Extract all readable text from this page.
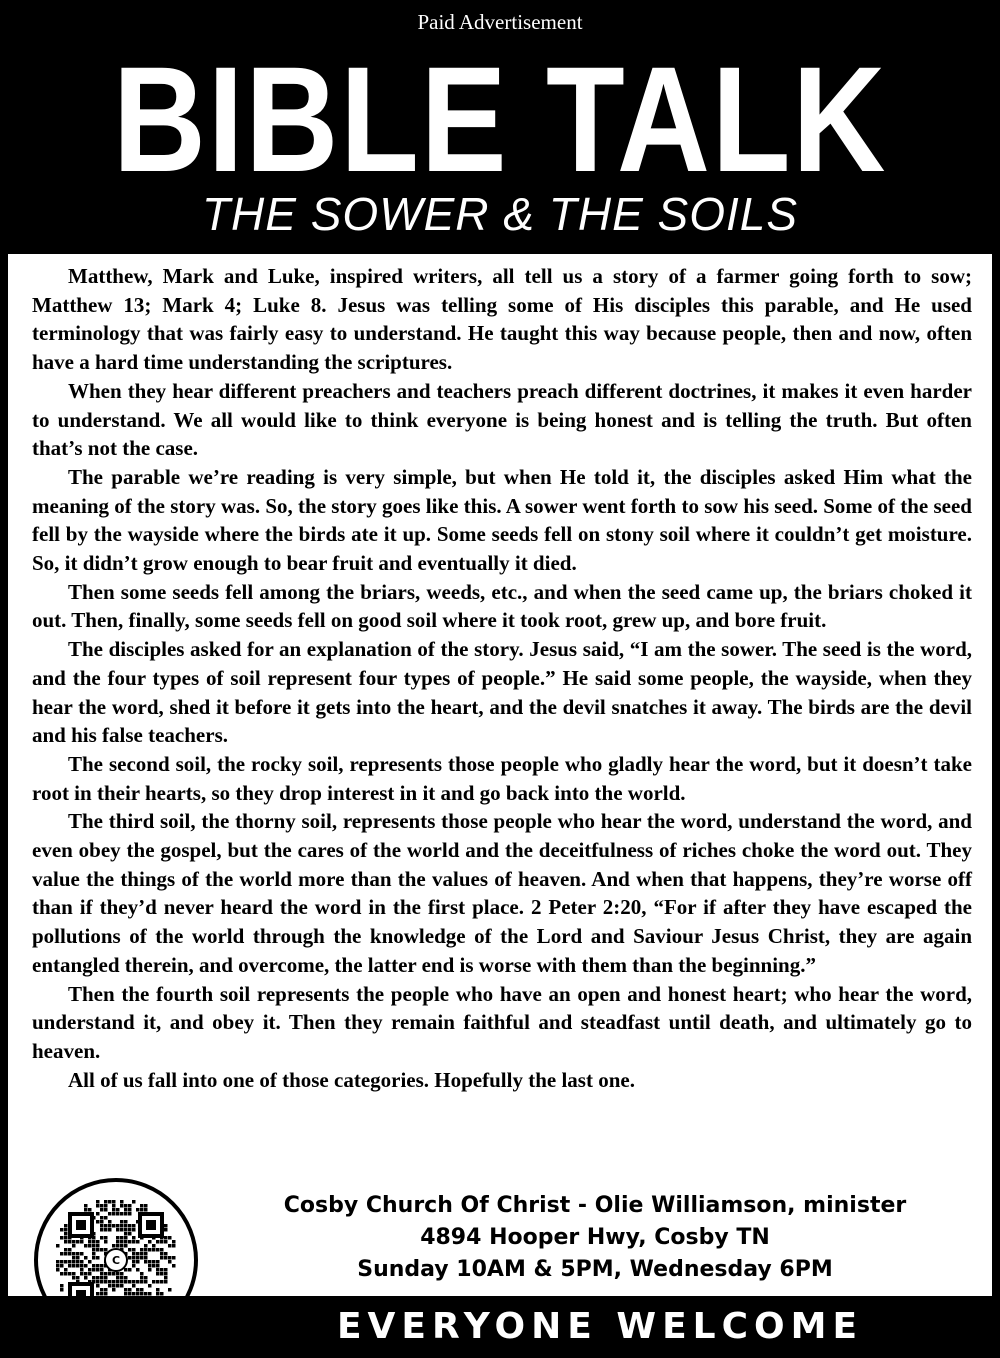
Paid Advertisement
BIBLE TALK
THE SOWER & THE SOILS

Matthew, Mark and Luke, inspired writers, all tell us a story of a farmer going forth to sow; Matthew 13; Mark 4; Luke 8. Jesus was telling some of His disciples this parable, and He used terminology that was fairly easy to understand. He taught this way because people, then and now, often have a hard time understanding the scriptures.

When they hear different preachers and teachers preach different doctrines, it makes it even harder to understand. We all would like to think everyone is being honest and is telling the truth. But often that’s not the case.

The parable we’re reading is very simple, but when He told it, the disciples asked Him what the meaning of the story was. So, the story goes like this. A sower went forth to sow his seed. Some of the seed fell by the wayside where the birds ate it up. Some seeds fell on stony soil where it couldn’t get moisture. So, it didn’t grow enough to bear fruit and eventually it died.

Then some seeds fell among the briars, weeds, etc., and when the seed came up, the briars choked it out. Then, finally, some seeds fell on good soil where it took root, grew up, and bore fruit.

The disciples asked for an explanation of the story. Jesus said, “I am the sower. The seed is the word, and the four types of soil represent four types of people.” He said some people, the wayside, when they hear the word, shed it before it gets into the heart, and the devil snatches it away. The birds are the devil and his false teachers.

The second soil, the rocky soil, represents those people who gladly hear the word, but it doesn’t take root in their hearts, so they drop interest in it and go back into the world.

The third soil, the thorny soil, represents those people who hear the word, understand the word, and even obey the gospel, but the cares of the world and the deceitfulness of riches choke the word out. They value the things of the world more than the values of heaven. And when that happens, they’re worse off than if they’d never heard the word in the first place. 2 Peter 2:20, “For if after they have escaped the pollutions of the world through the knowledge of the Lord and Saviour Jesus Christ, they are again entangled therein, and overcome, the latter end is worse with them than the beginning.”

Then the fourth soil represents the people who have an open and honest heart; who hear the word, understand it, and obey it. Then they remain faithful and steadfast until death, and ultimately go to heaven.

All of us fall into one of those categories. Hopefully the last one.

C
Cosby Church Of Christ - Olie Williamson, minister
4894 Hooper Hwy, Cosby TN
Sunday 10AM & 5PM, Wednesday 6PM
EVERYONE WELCOME
